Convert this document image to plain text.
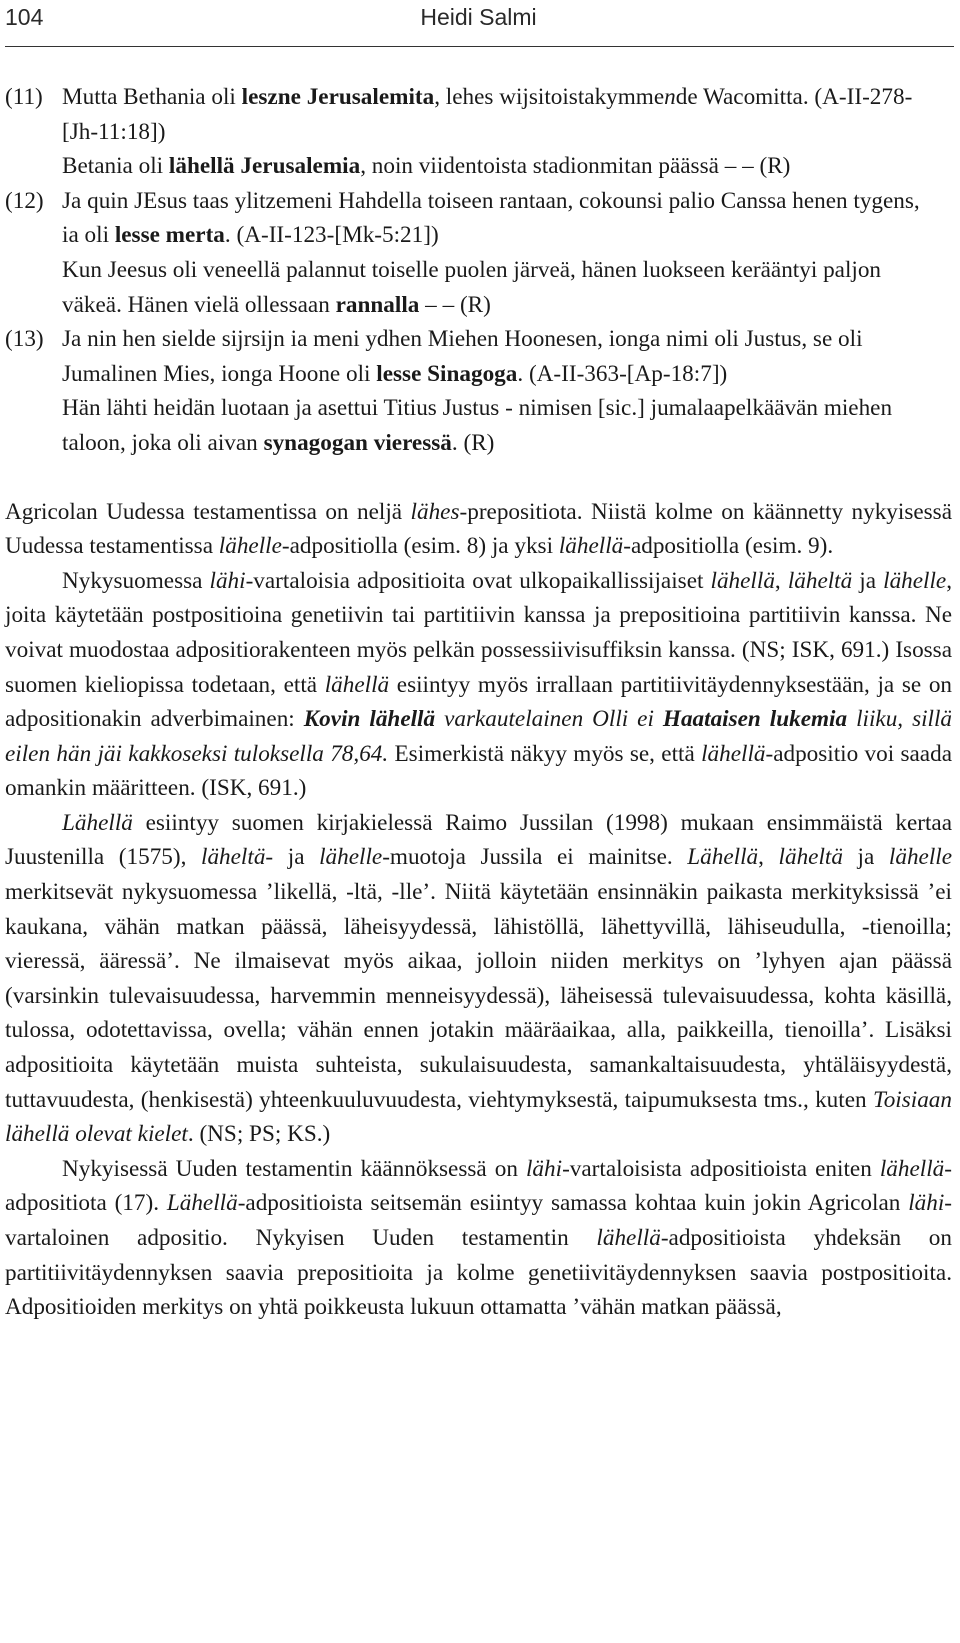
104	Heidi Salmi
(11) Mutta Bethania oli leszne Jerusalemita, lehes wijsitoistakymmende Wacomitta. (A-II-278-[Jh-11:18])
Betania oli lähellä Jerusalemia, noin viidentoista stadionmitan päässä – – (R)
(12) Ja quin JEsus taas ylitzemeni Hahdella toiseen rantaan, cokounsi palio Canssa henen tygens, ia oli lesse merta. (A-II-123-[Mk-5:21])
Kun Jeesus oli veneellä palannut toiselle puolen järveä, hänen luokseen kerääntyi paljon väkeä. Hänen vielä ollessaan rannalla – – (R)
(13) Ja nin hen sielde sijrsijn ia meni ydhen Miehen Hoonesen, ionga nimi oli Justus, se oli Jumalinen Mies, ionga Hoone oli lesse Sinagoga. (A-II-363-[Ap-18:7])
Hän lähti heidän luotaan ja asettui Titius Justus - nimisen [sic.] jumalaapelkäävän miehen taloon, joka oli aivan synagogan vieressä. (R)

Agricolan Uudessa testamentissa on neljä lähes-prepositiota. Niistä kolme on käännetty nykyisessä Uudessa testamentissa lähelle-adpositiolla (esim. 8) ja yksi lähellä-adpositiolla (esim. 9).

Nykysuomessa lähi-vartaloisia adpositioita ovat ulkopaikallissijaiset lähellä, läheltä ja lähelle, joita käytetään postpositioina genetiivin tai partitiivin kanssa ja prepositioina partitiivin kanssa. Ne voivat muodostaa adpositiorakenteen myös pelkän possessiivisuffiksin kanssa. (NS; ISK, 691.) Isossa suomen kieliopissa todetaan, että lähellä esiintyy myös irrallaan partitiivitäydennyksestään, ja se on adpositionakin adverbimainen: Kovin lähellä varkautelainen Olli ei Haataisen lukemia liiku, sillä eilen hän jäi kakkoseksi tuloksella 78,64. Esimerkistä näkyy myös se, että lähellä-adpositio voi saada omankin määritteen. (ISK, 691.)

Lähellä esiintyy suomen kirjakielessä Raimo Jussilan (1998) mukaan ensimmäistä kertaa Juustenilla (1575), läheltä- ja lähelle-muotoja Jussila ei mainitse. Lähellä, läheltä ja lähelle merkitsevät nykysuomessa ’likellä, -ltä, -lle’. Niitä käytetään ensinnäkin paikasta merkityksissä ’ei kaukana, vähän matkan päässä, läheisyydessä, lähistöllä, lähettyvillä, lähiseudulla, -tienoilla; vieressä, ääressä’. Ne ilmaisevat myös aikaa, jolloin niiden merkitys on ’lyhyen ajan päässä (varsinkin tulevaisuudessa, harvemmin menneisyydessä), läheisessä tulevaisuudessa, kohta käsillä, tulossa, odotettavissa, ovella; vähän ennen jotakin määräaikaa, alla, paikkeilla, tienoilla’. Lisäksi adpositioita käytetään muista suhteista, sukulaisuudesta, samankaltaisuudesta, yhtäläisyydestä, tuttavuudesta, (henkisestä) yhteenkuuluvuudesta, viehtymyksestä, taipumuksesta tms., kuten Toisiaan lähellä olevat kielet. (NS; PS; KS.)

Nykyisessä Uuden testamentin käännöksessä on lähi-vartaloisista adpositioista eniten lähellä-adpositiota (17). Lähellä-adpositioista seitsemän esiintyy samassa kohtaa kuin jokin Agricolan lähi-vartaloinen adpositio. Nykyisen Uuden testamentin lähellä-adpositioista yhdeksän on partitiivitäydennyksen saavia prepositioita ja kolme genetiivitäydennyksen saavia postpositioita. Adpositioiden merkitys on yhtä poikkeusta lukuun ottamatta ’vähän matkan päässä,
